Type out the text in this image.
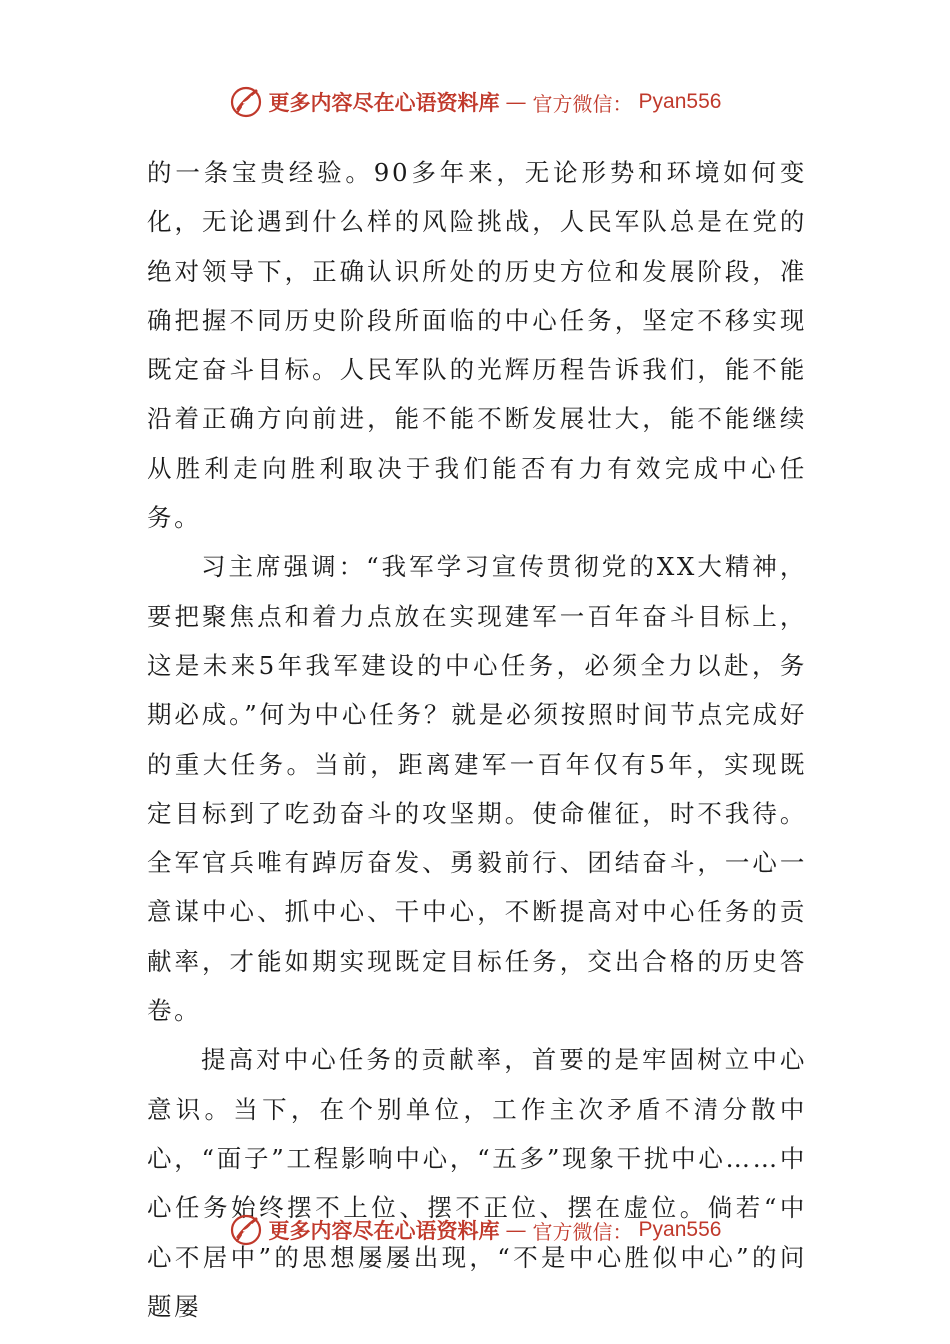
更多内容尽在心语资料库 — 官方微信： Pyan556

的一条宝贵经验。90多年来，无论形势和环境如何变化，无论遇到什么样的风险挑战，人民军队总是在党的绝对领导下，正确认识所处的历史方位和发展阶段，准确把握不同历史阶段所面临的中心任务，坚定不移实现既定奋斗目标。人民军队的光辉历程告诉我们，能不能沿着正确方向前进，能不能不断发展壮大，能不能继续从胜利走向胜利取决于我们能否有力有效完成中心任务。

习主席强调：“我军学习宣传贯彻党的XX大精神，要把聚焦点和着力点放在实现建军一百年奋斗目标上，这是未来5年我军建设的中心任务，必须全力以赴，务期必成。”何为中心任务？就是必须按照时间节点完成好的重大任务。当前，距离建军一百年仅有5年，实现既定目标到了吃劲奋斗的攻坚期。使命催征，时不我待。全军官兵唯有踔厉奋发、勇毅前行、团结奋斗，一心一意谋中心、抓中心、干中心，不断提高对中心任务的贡献率，才能如期实现既定目标任务，交出合格的历史答卷。

提高对中心任务的贡献率，首要的是牢固树立中心意识。当下，在个别单位，工作主次矛盾不清分散中心，“面子”工程影响中心，“五多”现象干扰中心……中心任务始终摆不上位、摆不正位、摆在虚位。倘若“中心不居中”的思想屡屡出现，“不是中心胜似中心”的问题屡

更多内容尽在心语资料库 — 官方微信： Pyan556
